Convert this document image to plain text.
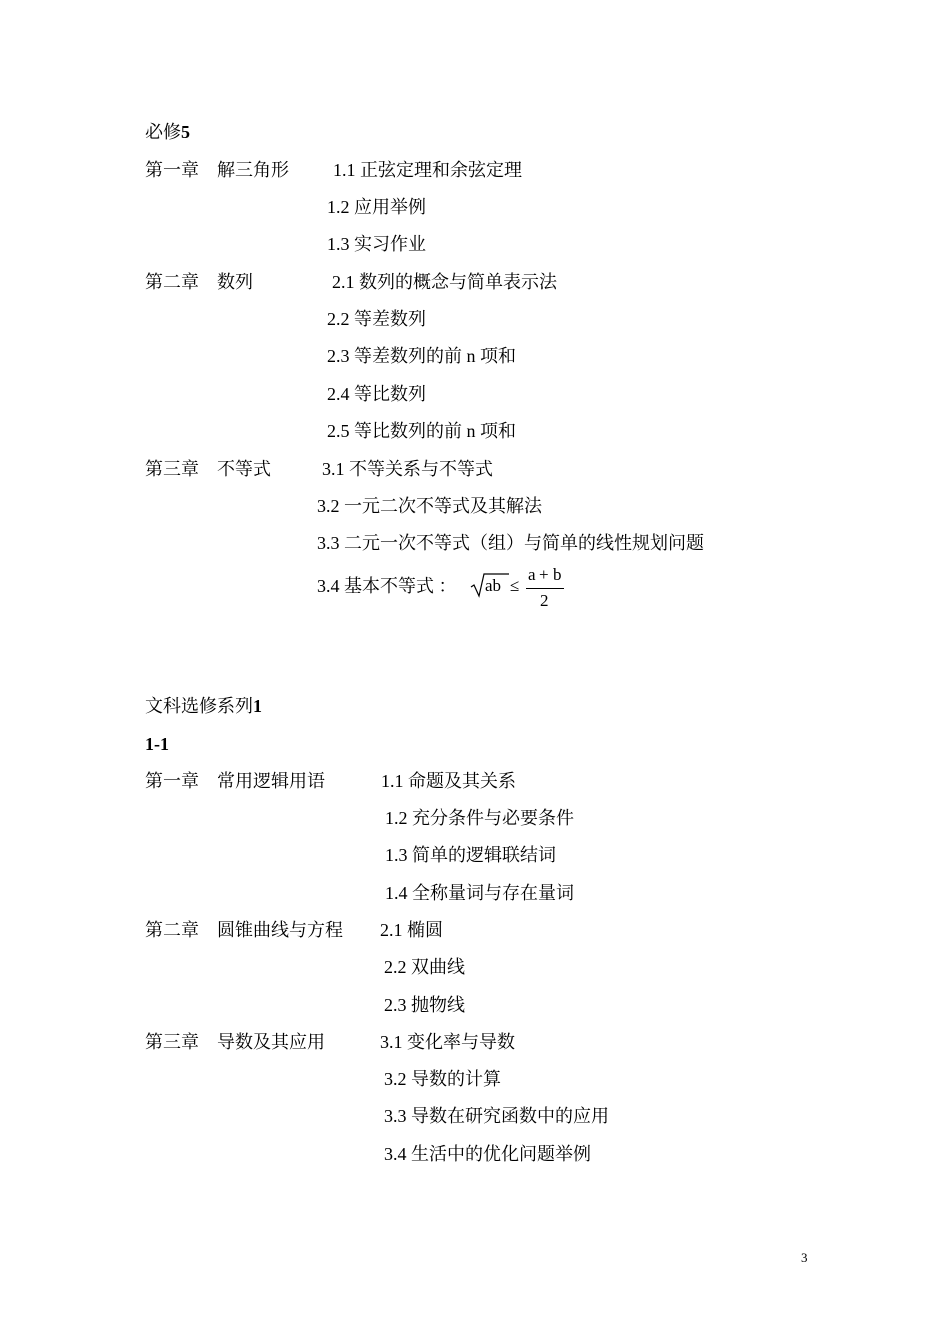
必修5
第一章 解三角形 1.1 正弦定理和余弦定理
1.2 应用举例
1.3 实习作业
第二章 数列	2.1 数列的概念与简单表示法
2.2 等差数列
2.3 等差数列的前 n 项和
2.4 等比数列
2.5 等比数列的前 n 项和
第三章 不等式	3.1 不等关系与不等式
3.2 一元二次不等式及其解法
3.3 二元一次不等式（组）与简单的线性规划问题
3.4 基本不等式 ： ab ≤
a + b
2
文科选修系列1
1-1
第一章 常用逻辑用语	1.1 命题及其关系
1.2 充分条件与必要条件
1.3 简单的逻辑联结词
1.4 全称量词与存在量词
第二章 圆锥曲线与方程 2.1 椭圆
2.2 双曲线
2.3 抛物线
第三章 导数及其应用	3.1 变化率与导数
3.2 导数的计算
3.3 导数在研究函数中的应用
3.4 生活中的优化问题举例
3
